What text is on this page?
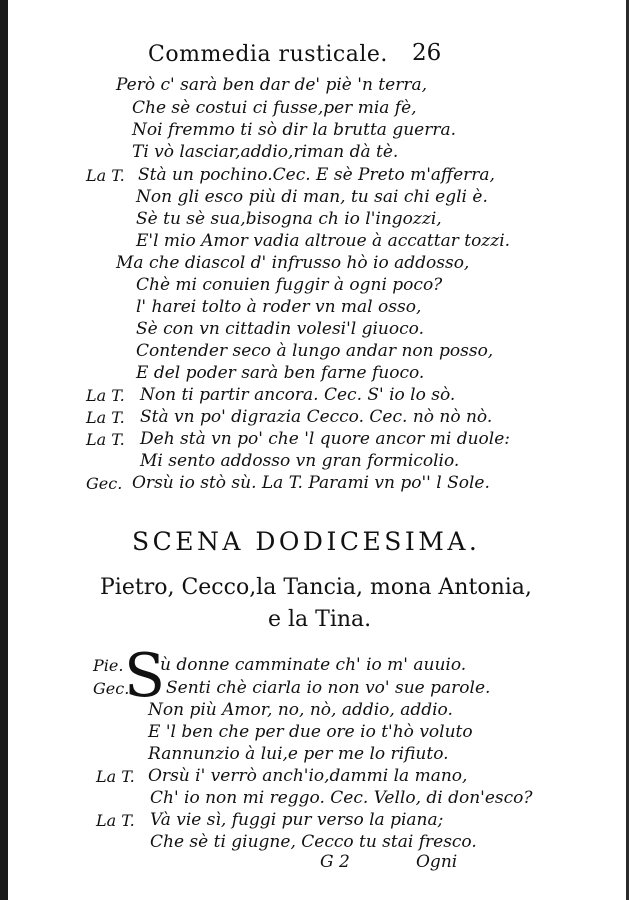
Commedia rusticale. 26
Però c' sarà ben dar de' piè 'n terra,
Che sè costui ci fusse,per mia fè,
Noi fremmo ti sò dir la brutta guerra.
Ti vò lasciar,addio,riman dà tè.
La T. Stà un pochino.Cec. E sè Preto m'afferra,
Non gli esco più di man, tu sai chi egli è.
Sè tu sè sua,bisogna ch io l'ingozzi,
E'l mio Amor vadia altroue à accattar tozzi.
Ma che diascol d' infrusso hò io addosso,
Chè mi conuien fuggir à ogni poco?
l' harei tolto à roder vn mal osso,
Sè con vn cittadin volesi'l giuoco.
Contender seco à lungo andar non posso,
E del poder sarà ben farne fuoco.
La T. Non ti partir ancora. Cec. S' io lo sò.
La T. Stà vn po' digrazia Cecco. Cec. nò nò nò.
La T. Deh stà vn po' che 'l quore ancor mi duole:
Mi sento addosso vn gran formicolio.
Gec. Orsù io stò sù. La T. Parami vn po'' l Sole.
SCENA DODICESIMA.
Pietro, Cecco,la Tancia, mona Antonia,
e la Tina.
Pie. S
ù donne camminate ch' io m' auuio.
Gec. Senti chè ciarla io non vo' sue parole.
Non più Amor, no, nò, addio, addio.
E 'l ben che per due ore io t'hò voluto
Rannunzio à lui,e per me lo rifiuto.
La T. Orsù i' verrò anch'io,dammi la mano,
Ch' io non mi reggo. Cec. Vello, di don'esco?
La T. Và vie sì, fuggi pur verso la piana;
Che sè ti giugne, Cecco tu stai fresco.
G 2	Ogni
